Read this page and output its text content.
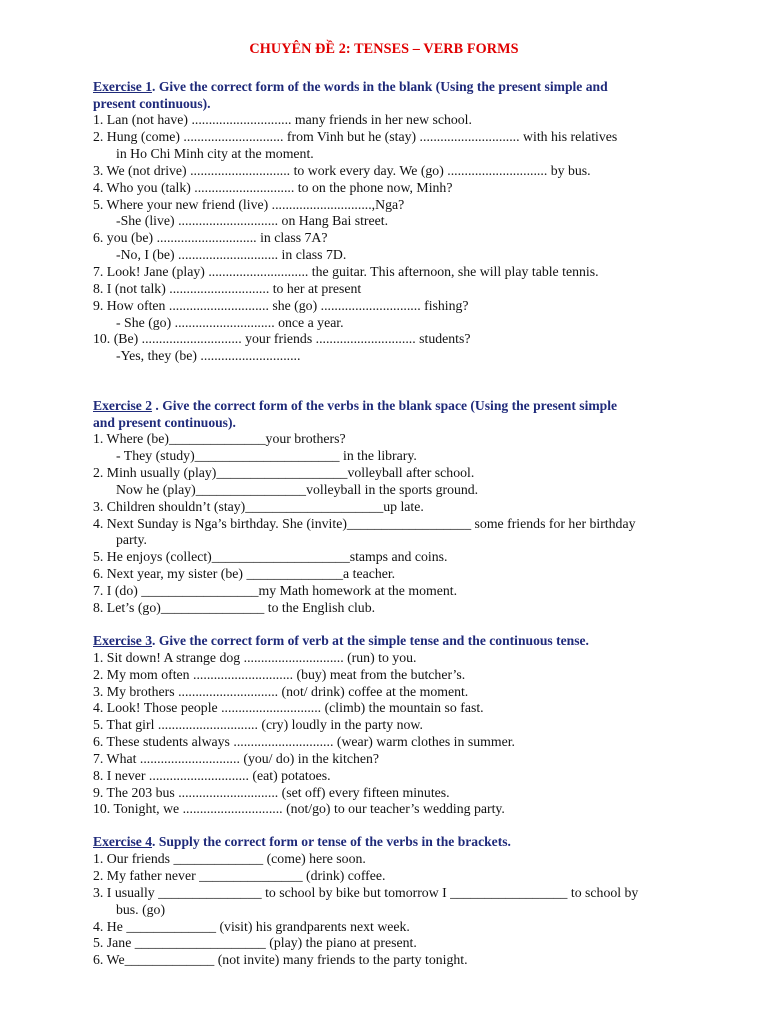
CHUYÊN ĐỀ 2: TENSES – VERB FORMS
Exercise 1. Give the correct form of the words in the blank (Using the present simple and
present continuous).
1. Lan (not have) ............................. many friends in her new school.
2. Hung (come) ............................. from Vinh but he (stay) ............................. with his relatives
in Ho Chi Minh city at the moment.
3. We (not drive) ............................. to work every day. We (go) ............................. by bus.
4. Who you (talk) ............................. to on the phone now, Minh?
5. Where your new friend (live) .............................,Nga?
-She (live) ............................. on Hang Bai street.
6. you (be) ............................. in class 7A?
-No, I (be) ............................. in class 7D.
7. Look! Jane (play) ............................. the guitar. This afternoon, she will play table tennis.
8. I (not talk) ............................. to her at present
9. How often ............................. she (go) ............................. fishing?
- She (go) ............................. once a year.
10. (Be) ............................. your friends ............................. students?
-Yes, they (be) .............................
Exercise 2 . Give the correct form of the verbs in the blank space (Using the present simple
and present continuous).
1. Where (be)______________your brothers?
- They (study)_____________________ in the library.
2. Minh usually (play)___________________volleyball after school.
Now he (play)________________volleyball in the sports ground.
3. Children shouldn’t (stay)____________________up late.
4. Next Sunday is Nga’s birthday. She (invite)__________________ some friends for her birthday
party.
5. He enjoys (collect)____________________stamps and coins.
6. Next year, my sister (be) ______________a teacher.
7. I (do) _________________my Math homework at the moment.
8. Let’s (go)_______________ to the English club.
Exercise 3. Give the correct form of verb at the simple tense and the continuous tense.
1. Sit down! A strange dog ............................. (run) to you.
2. My mom often ............................. (buy) meat from the butcher’s.
3. My brothers ............................. (not/ drink) coffee at the moment.
4. Look! Those people ............................. (climb) the mountain so fast.
5. That girl ............................. (cry) loudly in the party now.
6. These students always ............................. (wear) warm clothes in summer.
7. What ............................. (you/ do) in the kitchen?
8. I never ............................. (eat) potatoes.
9. The 203 bus ............................. (set off) every fifteen minutes.
10. Tonight, we ............................. (not/go) to our teacher’s wedding party.
Exercise 4. Supply the correct form or tense of the verbs in the brackets.
1. Our friends _____________ (come) here soon.
2. My father never _______________ (drink) coffee.
3. I usually _______________ to school by bike but tomorrow I _________________ to school by
bus. (go)
4. He _____________ (visit) his grandparents next week.
5. Jane ___________________ (play) the piano at present.
6. We_____________ (not invite) many friends to the party tonight.
